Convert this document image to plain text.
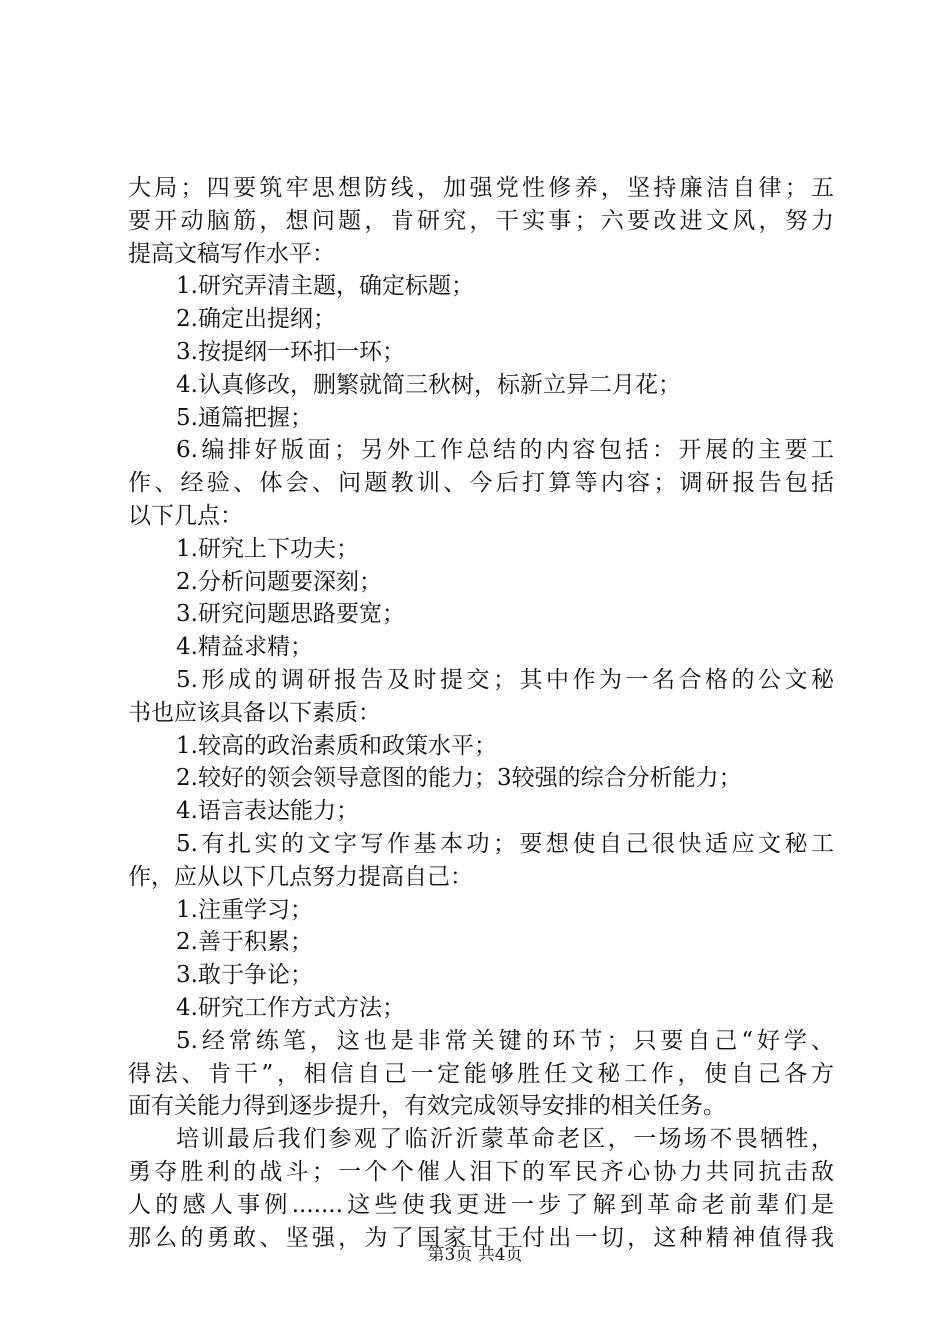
大局；四要筑牢思想防线，加强党性修养，坚持廉洁自律；五
要开动脑筋，想问题，肯研究，干实事；六要改进文风，努力
提高文稿写作水平：
1.研究弄清主题，确定标题；
2.确定出提纲；
3.按提纲一环扣一环；
4.认真修改，删繁就简三秋树，标新立异二月花；
5.通篇把握；
6.编排好版面；另外工作总结的内容包括：开展的主要工
作、经验、体会、问题教训、今后打算等内容；调研报告包括
以下几点：
1.研究上下功夫；
2.分析问题要深刻；
3.研究问题思路要宽；
4.精益求精；
5.形成的调研报告及时提交；其中作为一名合格的公文秘
书也应该具备以下素质：
1.较高的政治素质和政策水平；
2.较好的领会领导意图的能力；3较强的综合分析能力；
4.语言表达能力；
5.有扎实的文字写作基本功；要想使自己很快适应文秘工
作，应从以下几点努力提高自己：
1.注重学习；
2.善于积累；
3.敢于争论；
4.研究工作方式方法；
5.经常练笔，这也是非常关键的环节；只要自己“好学、
得法、肯干”，相信自己一定能够胜任文秘工作，使自己各方
面有关能力得到逐步提升，有效完成领导安排的相关任务。
培训最后我们参观了临沂沂蒙革命老区，一场场不畏牺牲，
勇夺胜利的战斗；一个个催人泪下的军民齐心协力共同抗击敌
人的感人事例.......这些使我更进一步了解到革命老前辈们是
那么的勇敢、坚强，为了国家甘于付出一切，这种精神值得我
第3页 共4页
